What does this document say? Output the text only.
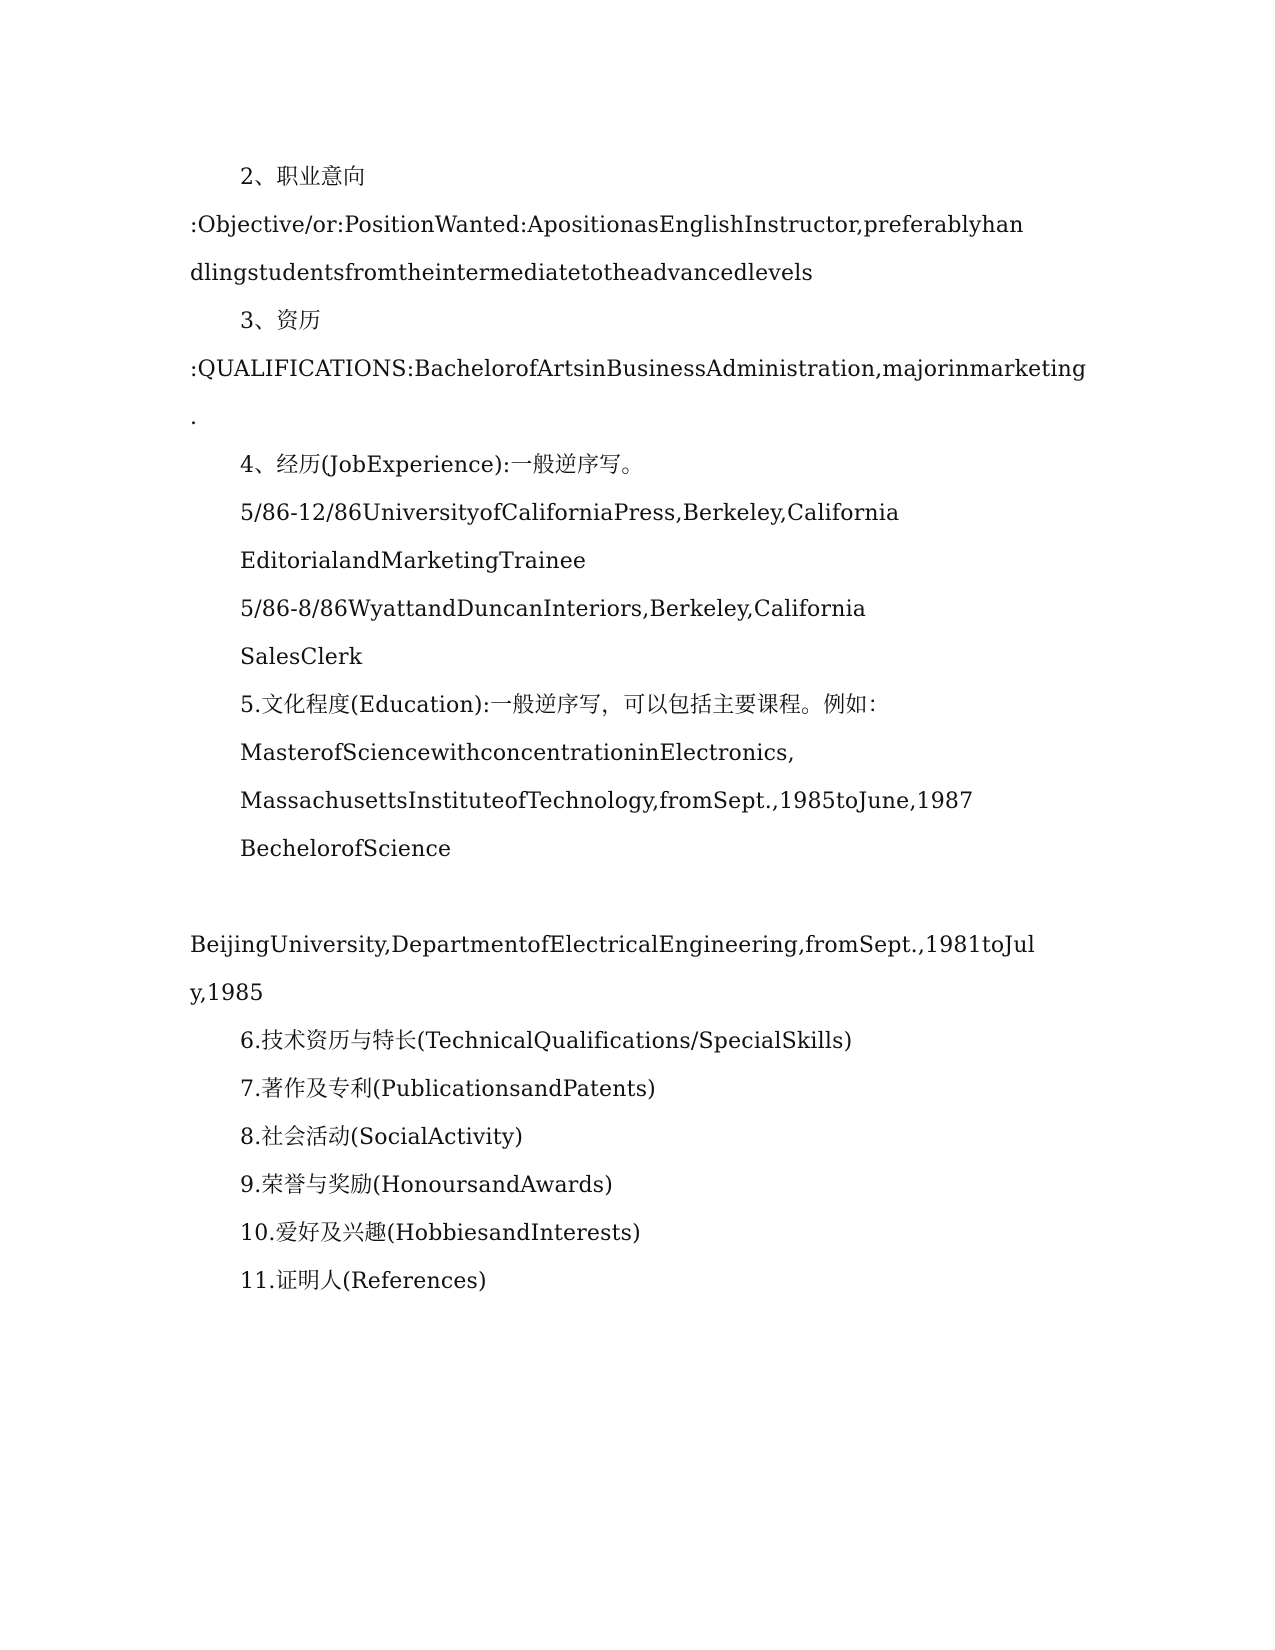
2、职业意向
:Objective/or:PositionWanted:ApositionasEnglishInstructor,preferablyhan
dlingstudentsfromtheintermediatetotheadvancedlevels
3、资历
:QUALIFICATIONS:BachelorofArtsinBusinessAdministration,majorinmarketing
.
4、经历(JobExperience):一般逆序写。
5/86-12/86UniversityofCaliforniaPress,Berkeley,California
EditorialandMarketingTrainee
5/86-8/86WyattandDuncanInteriors,Berkeley,California
SalesClerk
5.文化程度(Education):一般逆序写，可以包括主要课程。例如：
MasterofSciencewithconcentrationinElectronics,
MassachusettsInstituteofTechnology,fromSept.,1985toJune,1987
BechelorofScience
BeijingUniversity,DepartmentofElectricalEngineering,fromSept.,1981toJul
y,1985
6.技术资历与特长(TechnicalQualifications/SpecialSkills)
7.著作及专利(PublicationsandPatents)
8.社会活动(SocialActivity)
9.荣誉与奖励(HonoursandAwards)
10.爱好及兴趣(HobbiesandInterests)
11.证明人(References)
